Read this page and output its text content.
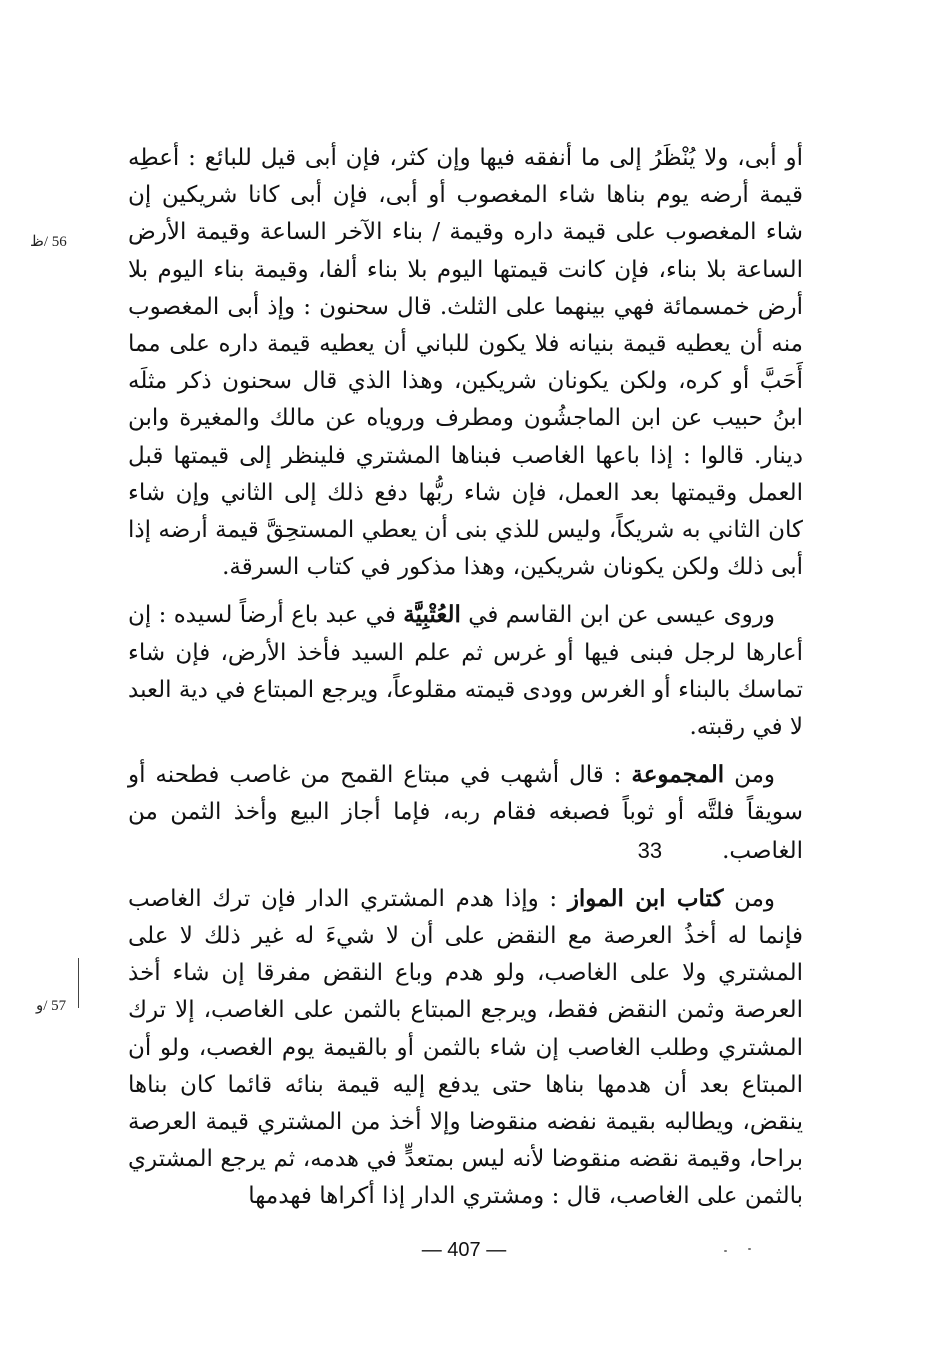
أو أبى، ولا يُنْظَرُ إلى ما أنفقه فيها وإن كثر، فإن أبى قيل للبائع : أعطِه قيمة أرضه يوم بناها شاء المغصوب أو أبى، فإن أبى كانا شريكين إن شاء المغصوب على قيمة داره وقيمة / بناء الآخر الساعة وقيمة الأرض الساعة بلا بناء، فإن كانت قيمتها اليوم بلا بناء ألفا، وقيمة بناء اليوم بلا أرض خمسمائة فهي بينهما على الثلث. قال سحنون : وإذ أبى المغصوب منه أن يعطيه قيمة بنيانه فلا يكون للباني أن يعطيه قيمة داره على مما أَحَبَّ أو كره، ولكن يكونان شريكين، وهذا الذي قال سحنون ذكر مثلَه ابنُ حبيب عن ابن الماجشُون ومطرف وروياه عن مالك والمغيرة وابن دينار. قالوا : إذا باعها الغاصب فبناها المشتري فلينظر إلى قيمتها قبل العمل وقيمتها بعد العمل، فإن شاء ربُّها دفع ذلك إلى الثاني وإن شاء كان الثاني به شريكاً، وليس للذي بنى أن يعطي المستحِقَّ قيمة أرضه إذا أبى ذلك ولكن يكونان شريكين، وهذا مذكور في كتاب السرقة.

وروى عيسى عن ابن القاسم في العُتْبِيَّة في عبد باع أرضاً لسيده : إن أعارها لرجل فبنى فيها أو غرس ثم علم السيد فأخذ الأرض، فإن شاء تماسك بالبناء أو الغرس وودى قيمته مقلوعاً، ويرجع المبتاع في دية العبد لا في رقبته.

ومن المجموعة : قال أشهب في مبتاع القمح من غاصب فطحنه أو سويقاً فلتَّه أو ثوباً فصبغه فقام ربه، فإما أجاز البيع وأخذ الثمن من الغاصب.33

ومن كتاب ابن المواز : وإذا هدم المشتري الدار فإن ترك الغاصب فإنما له أخذُ العرصة مع النقض على أن لا شيءَ له غير ذلك لا على المشتري ولا على الغاصب، ولو هدم وباع النقض مفرقا إن شاء أخذ العرصة وثمن النقض فقط، ويرجع المبتاع بالثمن على الغاصب، إلا ترك المشتري وطلب الغاصب إن شاء بالثمن أو بالقيمة يوم الغصب، ولو أن المبتاع بعد أن هدمها بناها حتى يدفع إليه قيمة بنائه قائما كان بناها ينقض، ويطالبه بقيمة نفضه منقوضا وإلا أخذ من المشتري قيمة العرصة براحا، وقيمة نقضه منقوضا لأنه ليس بمتعدٍّ في هدمه، ثم يرجع المشتري بالثمن على الغاصب، قال : ومشتري الدار إذا أكراها فهدمها

56 /ظ
57 /و
— 407 —
